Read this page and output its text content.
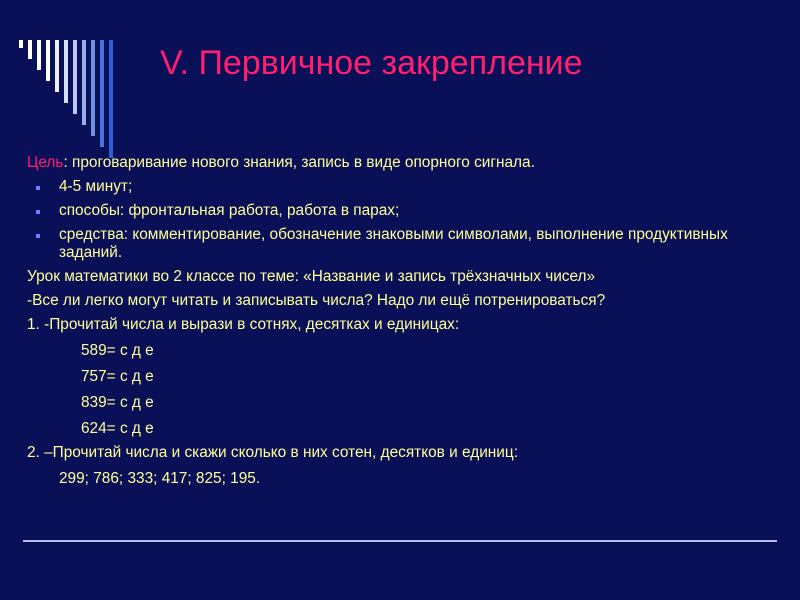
V. Первичное закрепление

Цель: проговаривание нового знания, запись в виде опорного сигнала.

4-5 минут;
способы: фронтальная работа, работа в парах;
средства: комментирование, обозначение знаковыми символами, выполнение продуктивных заданий.

Урок математики во 2 классе по теме: «Название и запись трёхзначных чисел»

-Все ли легко могут читать и записывать числа? Надо ли ещё потренироваться?

1. -Прочитай числа и вырази в сотнях, десятках и единицах:

589= с д е

757= с д е

839= с д е

624= с д е

2. –Прочитай числа и скажи сколько в них сотен, десятков и единиц:

299; 786; 333; 417; 825; 195.
